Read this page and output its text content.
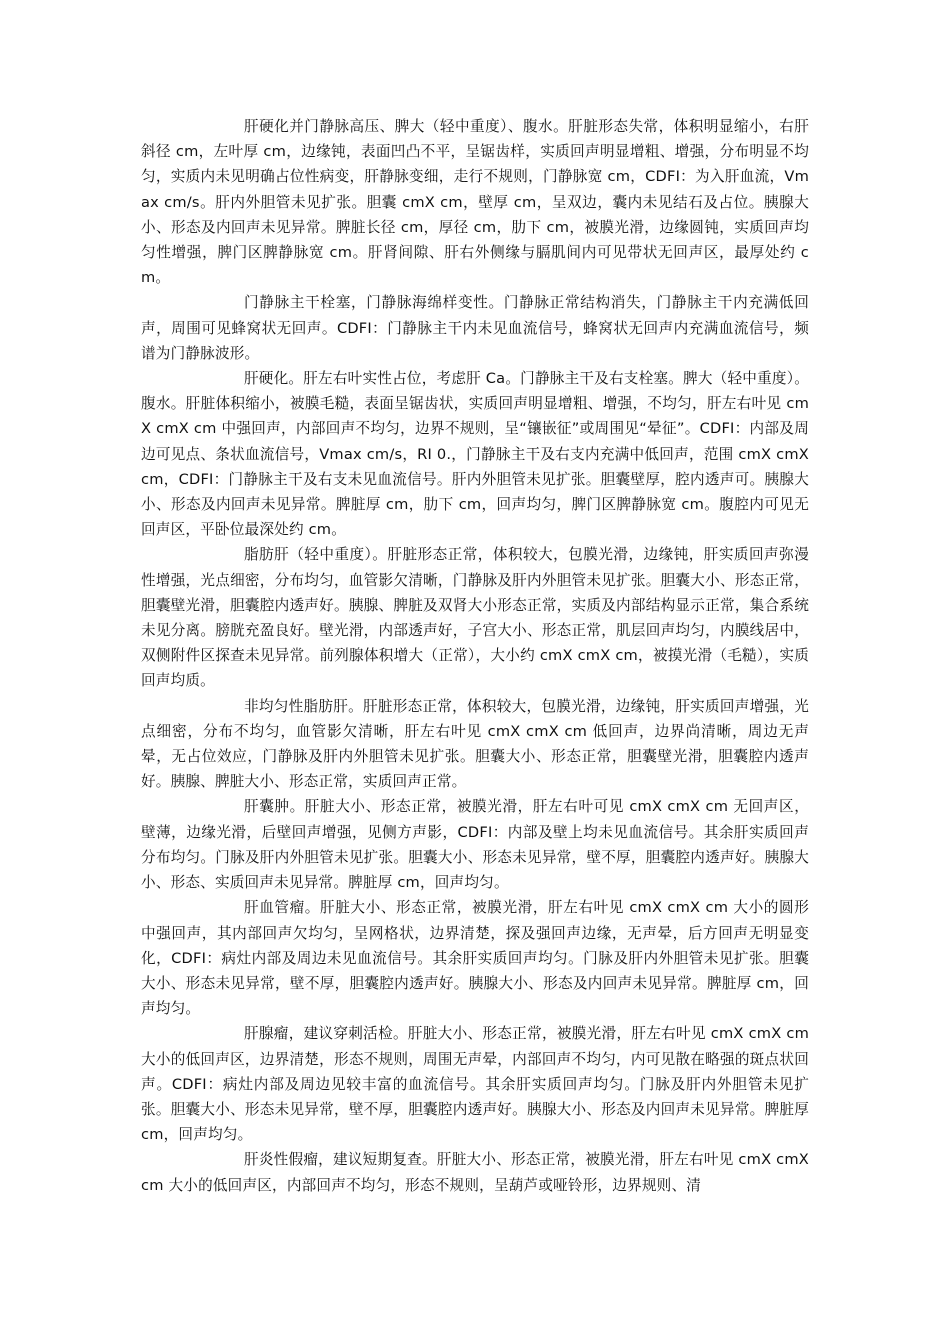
肝硬化并门静脉高压、脾大（轻中重度）、腹水。肝脏形态失常，体积明显缩小，右肝斜径 cm，左叶厚 cm，边缘钝，表面凹凸不平，呈锯齿样，实质回声明显增粗、增强，分布明显不均匀，实质内未见明确占位性病变，肝静脉变细，走行不规则，门静脉宽 cm，CDFI：为入肝血流，Vmax cm/s。肝内外胆管未见扩张。胆囊 cmX cm，壁厚 cm，呈双边，囊内未见结石及占位。胰腺大小、形态及内回声未见异常。脾脏长径 cm，厚径 cm，肋下 cm，被膜光滑，边缘圆钝，实质回声均匀性增强，脾门区脾静脉宽 cm。肝肾间隙、肝右外侧缘与膈肌间内可见带状无回声区，最厚处约 cm。

门静脉主干栓塞，门静脉海绵样变性。门静脉正常结构消失，门静脉主干内充满低回声，周围可见蜂窝状无回声。CDFI：门静脉主干内未见血流信号，蜂窝状无回声内充满血流信号，频谱为门静脉波形。

肝硬化。肝左右叶实性占位，考虑肝 Ca。门静脉主干及右支栓塞。脾大（轻中重度）。腹水。肝脏体积缩小，被膜毛糙，表面呈锯齿状，实质回声明显增粗、增强，不均匀，肝左右叶见 cmX cmX cm 中强回声，内部回声不均匀，边界不规则，呈“镶嵌征”或周围见“晕征”。CDFI：内部及周边可见点、条状血流信号，Vmax cm/s，RI 0.，门静脉主干及右支内充满中低回声，范围 cmX cmX cm，CDFI：门静脉主干及右支未见血流信号。肝内外胆管未见扩张。胆囊壁厚，腔内透声可。胰腺大小、形态及内回声未见异常。脾脏厚 cm，肋下 cm，回声均匀，脾门区脾静脉宽 cm。腹腔内可见无回声区，平卧位最深处约 cm。

脂肪肝（轻中重度）。肝脏形态正常，体积较大，包膜光滑，边缘钝，肝实质回声弥漫性增强，光点细密，分布均匀，血管影欠清晰，门静脉及肝内外胆管未见扩张。胆囊大小、形态正常，胆囊壁光滑，胆囊腔内透声好。胰腺、脾脏及双肾大小形态正常，实质及内部结构显示正常，集合系统未见分离。膀胱充盈良好。壁光滑，内部透声好，子宫大小、形态正常，肌层回声均匀，内膜线居中，双侧附件区探查未见异常。前列腺体积增大（正常），大小约 cmX cmX cm，被摸光滑（毛糙），实质回声均质。

非均匀性脂肪肝。肝脏形态正常，体积较大，包膜光滑，边缘钝，肝实质回声增强，光点细密，分布不均匀，血管影欠清晰，肝左右叶见 cmX cmX cm 低回声，边界尚清晰，周边无声晕，无占位效应，门静脉及肝内外胆管未见扩张。胆囊大小、形态正常，胆囊壁光滑，胆囊腔内透声好。胰腺、脾脏大小、形态正常，实质回声正常。

肝囊肿。肝脏大小、形态正常，被膜光滑，肝左右叶可见 cmX cmX cm 无回声区，壁薄，边缘光滑，后壁回声增强，见侧方声影，CDFI：内部及壁上均未见血流信号。其余肝实质回声分布均匀。门脉及肝内外胆管未见扩张。胆囊大小、形态未见异常，壁不厚，胆囊腔内透声好。胰腺大小、形态、实质回声未见异常。脾脏厚 cm，回声均匀。

肝血管瘤。肝脏大小、形态正常，被膜光滑，肝左右叶见 cmX cmX cm 大小的圆形中强回声，其内部回声欠均匀，呈网格状，边界清楚，探及强回声边缘，无声晕，后方回声无明显变化，CDFI：病灶内部及周边未见血流信号。其余肝实质回声均匀。门脉及肝内外胆管未见扩张。胆囊大小、形态未见异常，壁不厚，胆囊腔内透声好。胰腺大小、形态及内回声未见异常。脾脏厚 cm，回声均匀。

肝腺瘤，建议穿刺活检。肝脏大小、形态正常，被膜光滑，肝左右叶见 cmX cmX cm 大小的低回声区，边界清楚，形态不规则，周围无声晕，内部回声不均匀，内可见散在略强的斑点状回声。CDFI：病灶内部及周边见较丰富的血流信号。其余肝实质回声均匀。门脉及肝内外胆管未见扩张。胆囊大小、形态未见异常，壁不厚，胆囊腔内透声好。胰腺大小、形态及内回声未见异常。脾脏厚 cm，回声均匀。

肝炎性假瘤，建议短期复查。肝脏大小、形态正常，被膜光滑，肝左右叶见 cmX cmX cm 大小的低回声区，内部回声不均匀，形态不规则，呈葫芦或哑铃形，边界规则、清
